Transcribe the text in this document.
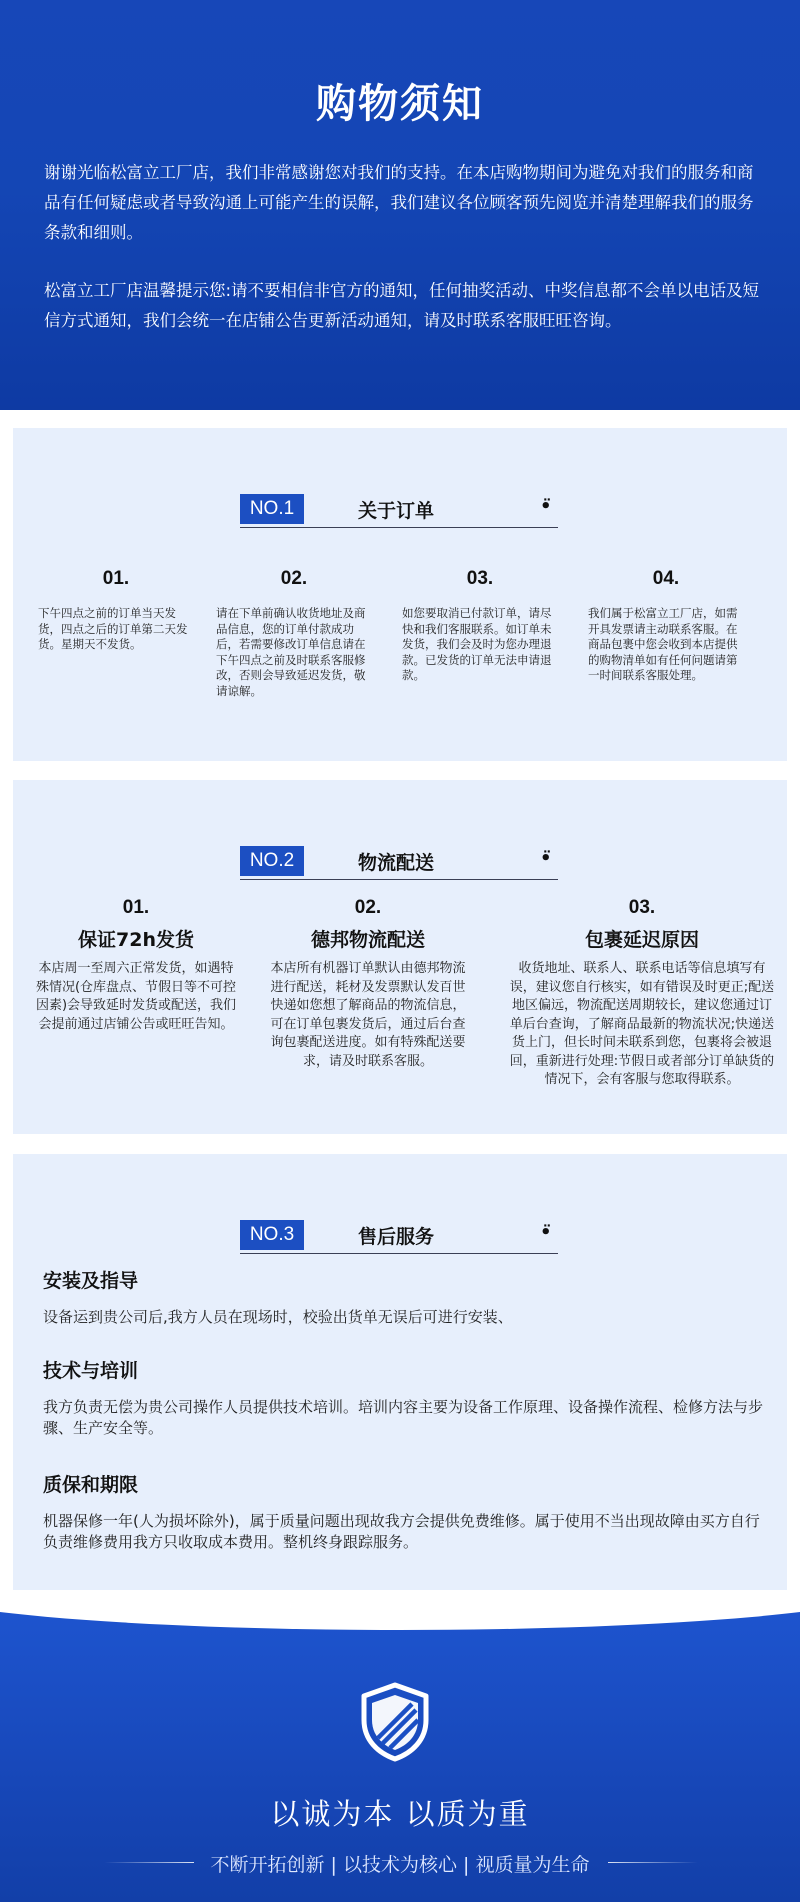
购物须知
谢谢光临松富立工厂店，我们非常感谢您对我们的支持。在本店购物期间为避免对我们的服务和商品有任何疑虑或者导致沟通上可能产生的误解，我们建议各位顾客预先阅览并清楚理解我们的服务条款和细则。
松富立工厂店温馨提示您:请不要相信非官方的通知，任何抽奖活动、中奖信息都不会单以电话及短信方式通知，我们会统一在店铺公告更新活动通知，请及时联系客服旺旺咨询。
NO.1	关于订单	•̈
01.
下午四点之前的订单当天发货，四点之后的订单第二天发货。星期天不发货。
02.
请在下单前确认收货地址及商品信息，您的订单付款成功后，若需要修改订单信息请在下午四点之前及时联系客服修改，否则会导致延迟发货，敬请谅解。
03.
如您要取消已付款订单，请尽快和我们客服联系。如订单未发货，我们会及时为您办理退款。已发货的订单无法申请退款。
04.
我们属于松富立工厂店，如需开具发票请主动联系客服。在商品包裹中您会收到本店提供的购物清单如有任何问题请第一时间联系客服处理。
NO.2	物流配送	•̈
01.
保证72h发货
本店周一至周六正常发货，如遇特殊情况(仓库盘点、节假日等不可控因素)会导致延时发货或配送，我们会提前通过店铺公告或旺旺告知。
02.
德邦物流配送
本店所有机器订单默认由德邦物流进行配送，耗材及发票默认发百世快递如您想了解商品的物流信息，可在订单包裹发货后，通过后台查询包裹配送进度。如有特殊配送要求，请及时联系客服。
03.
包裹延迟原因
收货地址、联系人、联系电话等信息填写有误，建议您自行核实，如有错误及时更正;配送地区偏远，物流配送周期较长，建议您通过订单后台查询，了解商品最新的物流状况;快递送货上门，但长时间未联系到您，包裹将会被退回，重新进行处理:节假日或者部分订单缺货的情况下，会有客服与您取得联系。
NO.3	售后服务	•̈
安装及指导
设备运到贵公司后,我方人员在现场时，校验出货单无误后可进行安装、
技术与培训
我方负责无偿为贵公司操作人员提供技术培训。培训内容主要为设备工作原理、设备操作流程、检修方法与步骤、生产安全等。
质保和期限
机器保修一年(人为损坏除外)，属于质量问题出现故我方会提供免费维修。属于使用不当出现故障由买方自行负责维修费用我方只收取成本费用。整机终身跟踪服务。
以诚为本 以质为重
不断开拓创新 | 以技术为核心 | 视质量为生命
